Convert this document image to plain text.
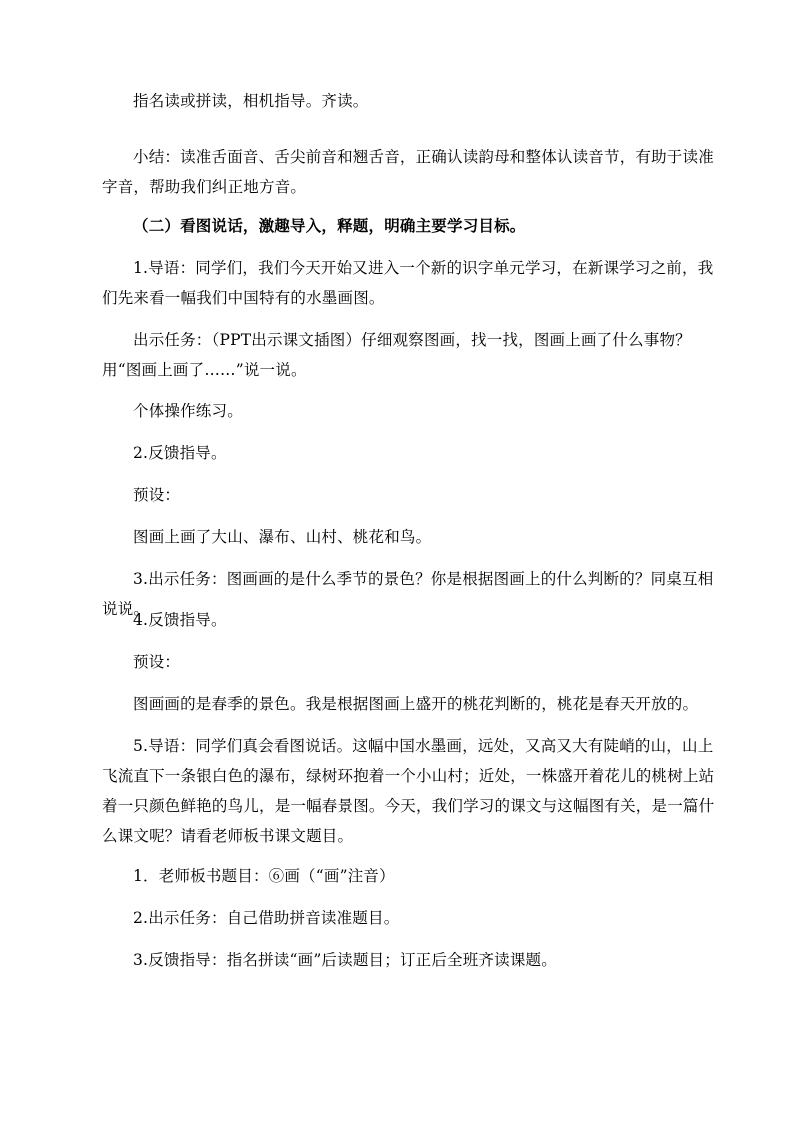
指名读或拼读，相机指导。齐读。

小结：读准舌面音、舌尖前音和翘舌音，正确认读韵母和整体认读音节，有助于读准字音，帮助我们纠正地方音。

（二）看图说话，激趣导入，释题，明确主要学习目标。

1.导语：同学们，我们今天开始又进入一个新的识字单元学习，在新课学习之前，我们先来看一幅我们中国特有的水墨画图。

出示任务：（PPT出示课文插图）仔细观察图画，找一找，图画上画了什么事物？用“图画上画了……”说一说。

个体操作练习。

2.反馈指导。

预设：

图画上画了大山、瀑布、山村、桃花和鸟。

3.出示任务：图画画的是什么季节的景色？你是根据图画上的什么判断的？同桌互相说说。

4.反馈指导。

预设：

图画画的是春季的景色。我是根据图画上盛开的桃花判断的，桃花是春天开放的。

5.导语：同学们真会看图说话。这幅中国水墨画，远处，又高又大有陡峭的山，山上飞流直下一条银白色的瀑布，绿树环抱着一个小山村；近处，一株盛开着花儿的桃树上站着一只颜色鲜艳的鸟儿，是一幅春景图。今天，我们学习的课文与这幅图有关，是一篇什么课文呢？请看老师板书课文题目。

1．老师板书题目：⑥画（“画”注音）

2.出示任务：自己借助拼音读准题目。

3.反馈指导：指名拼读“画”后读题目；订正后全班齐读课题。
